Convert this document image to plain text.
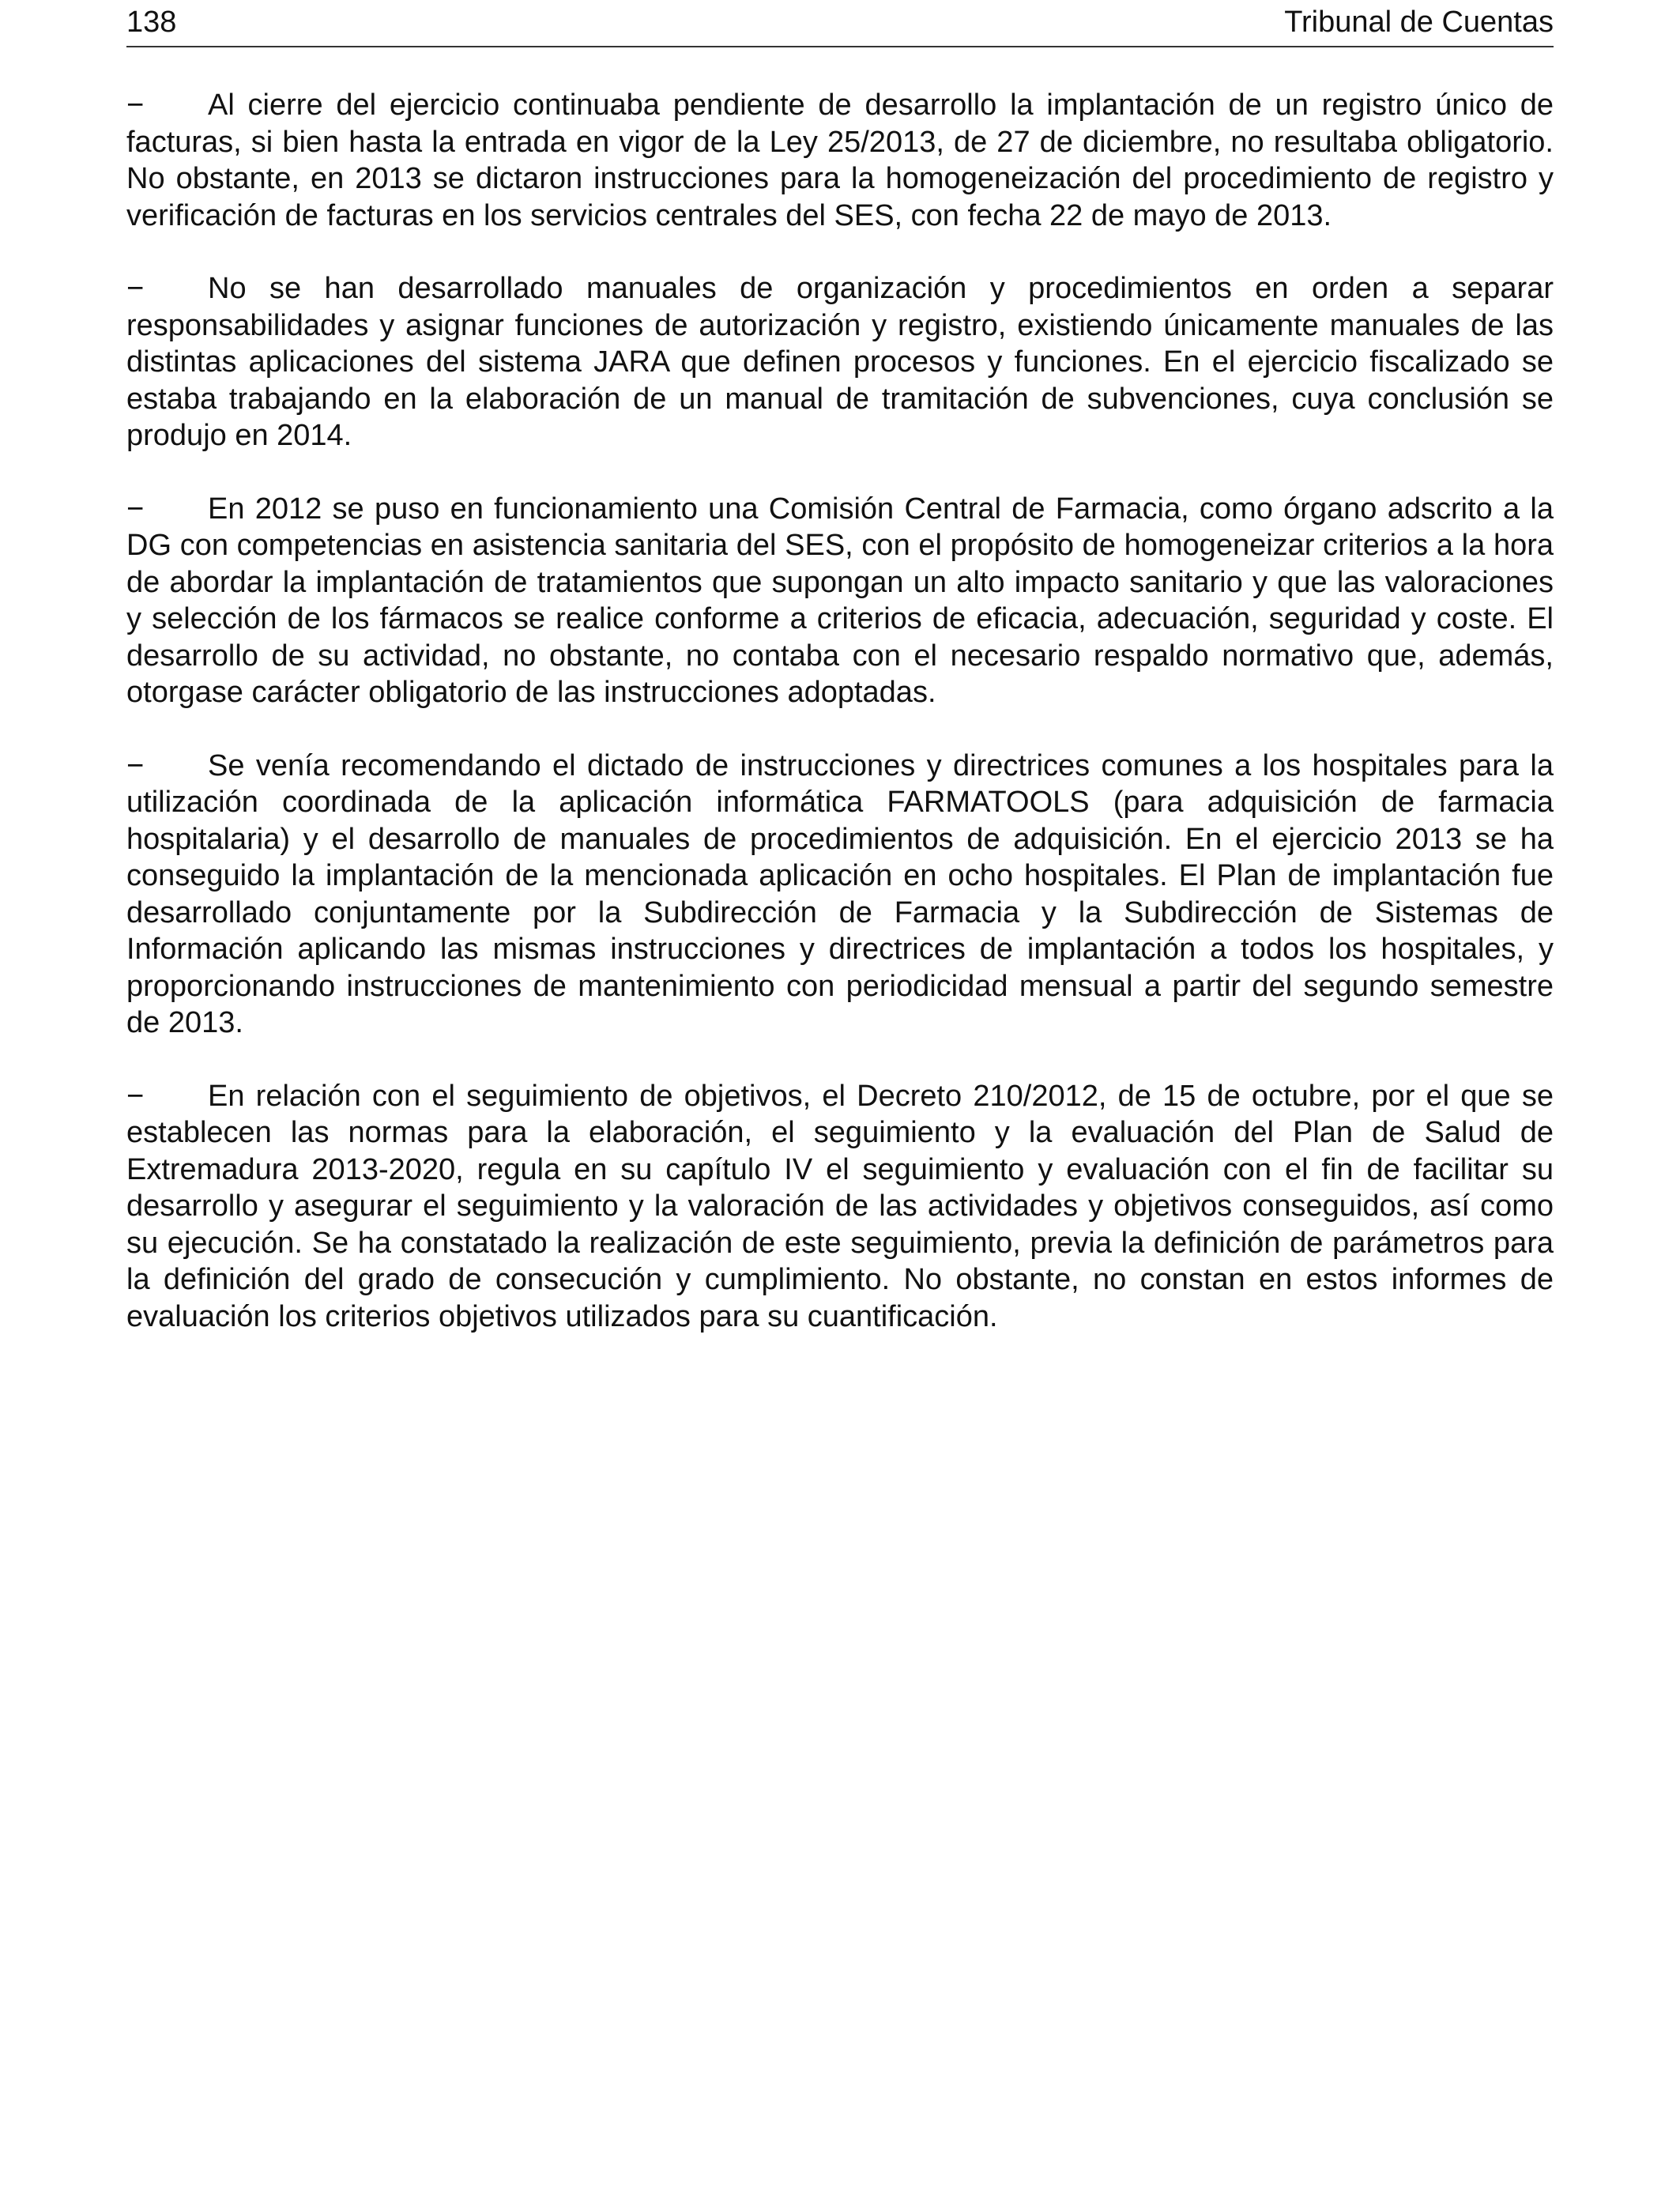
138	Tribunal de Cuentas

− Al cierre del ejercicio continuaba pendiente de desarrollo la implantación de un registro único de facturas, si bien hasta la entrada en vigor de la Ley 25/2013, de 27 de diciembre, no resultaba obligatorio. No obstante, en 2013 se dictaron instrucciones para la homogeneización del procedimiento de registro y verificación de facturas en los servicios centrales del SES, con fecha 22 de mayo de 2013.

− No se han desarrollado manuales de organización y procedimientos en orden a separar responsabilidades y asignar funciones de autorización y registro, existiendo únicamente manuales de las distintas aplicaciones del sistema JARA que definen procesos y funciones. En el ejercicio fiscalizado se estaba trabajando en la elaboración de un manual de tramitación de subvenciones, cuya conclusión se produjo en 2014.

− En 2012 se puso en funcionamiento una Comisión Central de Farmacia, como órgano adscrito a la DG con competencias en asistencia sanitaria del SES, con el propósito de homogeneizar criterios a la hora de abordar la implantación de tratamientos que supongan un alto impacto sanitario y que las valoraciones y selección de los fármacos se realice conforme a criterios de eficacia, adecuación, seguridad y coste. El desarrollo de su actividad, no obstante, no contaba con el necesario respaldo normativo que, además, otorgase carácter obligatorio de las instrucciones adoptadas.

− Se venía recomendando el dictado de instrucciones y directrices comunes a los hospitales para la utilización coordinada de la aplicación informática FARMATOOLS (para adquisición de farmacia hospitalaria) y el desarrollo de manuales de procedimientos de adquisición. En el ejercicio 2013 se ha conseguido la implantación de la mencionada aplicación en ocho hospitales. El Plan de implantación fue desarrollado conjuntamente por la Subdirección de Farmacia y la Subdirección de Sistemas de Información aplicando las mismas instrucciones y directrices de implantación a todos los hospitales, y proporcionando instrucciones de mantenimiento con periodicidad mensual a partir del segundo semestre de 2013.

− En relación con el seguimiento de objetivos, el Decreto 210/2012, de 15 de octubre, por el que se establecen las normas para la elaboración, el seguimiento y la evaluación del Plan de Salud de Extremadura 2013-2020, regula en su capítulo IV el seguimiento y evaluación con el fin de facilitar su desarrollo y asegurar el seguimiento y la valoración de las actividades y objetivos conseguidos, así como su ejecución. Se ha constatado la realización de este seguimiento, previa la definición de parámetros para la definición del grado de consecución y cumplimiento. No obstante, no constan en estos informes de evaluación los criterios objetivos utilizados para su cuantificación.
